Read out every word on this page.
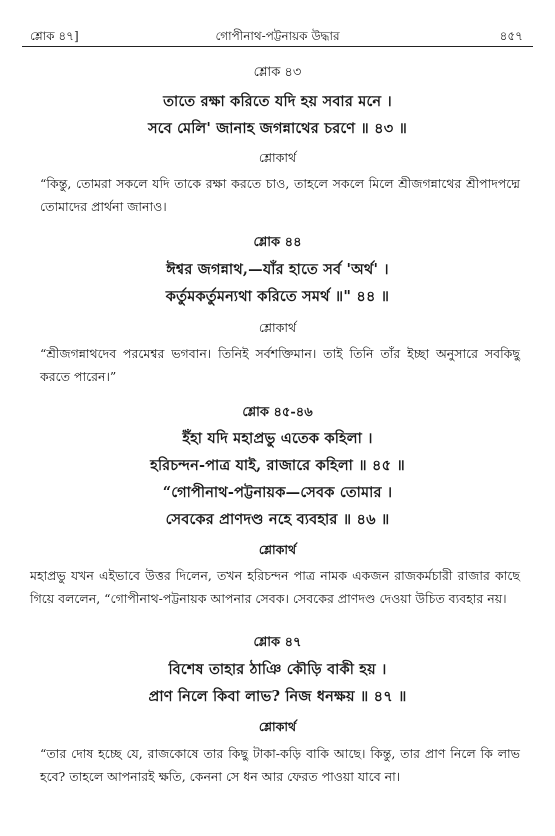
শ্লোক ৪৭]	গোপীনাথ-পট্টনায়ক উদ্ধার	৪৫৭
শ্লোক ৪৩
তাতে রক্ষা করিতে যদি হয় সবার মনে ।
সবে মেলি' জানাহ জগন্নাথের চরণে ॥ ৪৩ ॥
শ্লোকার্থ
“কিন্তু, তোমরা সকলে যদি তাকে রক্ষা করতে চাও, তাহলে সকলে মিলে শ্রীজগন্নাথের শ্রীপাদপদ্মে তোমাদের প্রার্থনা জানাও।
শ্লোক ৪৪
ঈশ্বর জগন্নাথ,—যাঁর হাতে সর্ব 'অর্থ' ।
কর্তুমকর্তুমন্যথা করিতে সমর্থ ॥" ৪৪ ॥
শ্লোকার্থ
“শ্রীজগন্নাথদেব পরমেশ্বর ভগবান। তিনিই সর্বশক্তিমান। তাই তিনি তাঁর ইচ্ছা অনুসারে সবকিছু করতে পারেন।”
শ্লোক ৪৫-৪৬
ইঁহা যদি মহাপ্রভু এতেক কহিলা ।
হরিচন্দন-পাত্র যাই, রাজারে কহিলা ॥ ৪৫ ॥
“গোপীনাথ-পট্টনায়ক—সেবক তোমার ।
সেবকের প্রাণদণ্ড নহে ব্যবহার ॥ ৪৬ ॥
শ্লোকার্থ
মহাপ্রভু যখন এইভাবে উত্তর দিলেন, তখন হরিচন্দন পাত্র নামক একজন রাজকর্মচারী রাজার কাছে গিয়ে বললেন, “গোপীনাথ-পট্টনায়ক আপনার সেবক। সেবকের প্রাণদণ্ড দেওয়া উচিত ব্যবহার নয়।
শ্লোক ৪৭
বিশেষ তাহার ঠাঞি কৌড়ি বাকী হয় ।
প্রাণ নিলে কিবা লাভ? নিজ ধনক্ষয় ॥ ৪৭ ॥
শ্লোকার্থ
“তার দোষ হচ্ছে যে, রাজকোষে তার কিছু টাকা-কড়ি বাকি আছে। কিন্তু, তার প্রাণ নিলে কি লাভ হবে? তাহলে আপনারই ক্ষতি, কেননা সে ধন আর ফেরত পাওয়া যাবে না।
